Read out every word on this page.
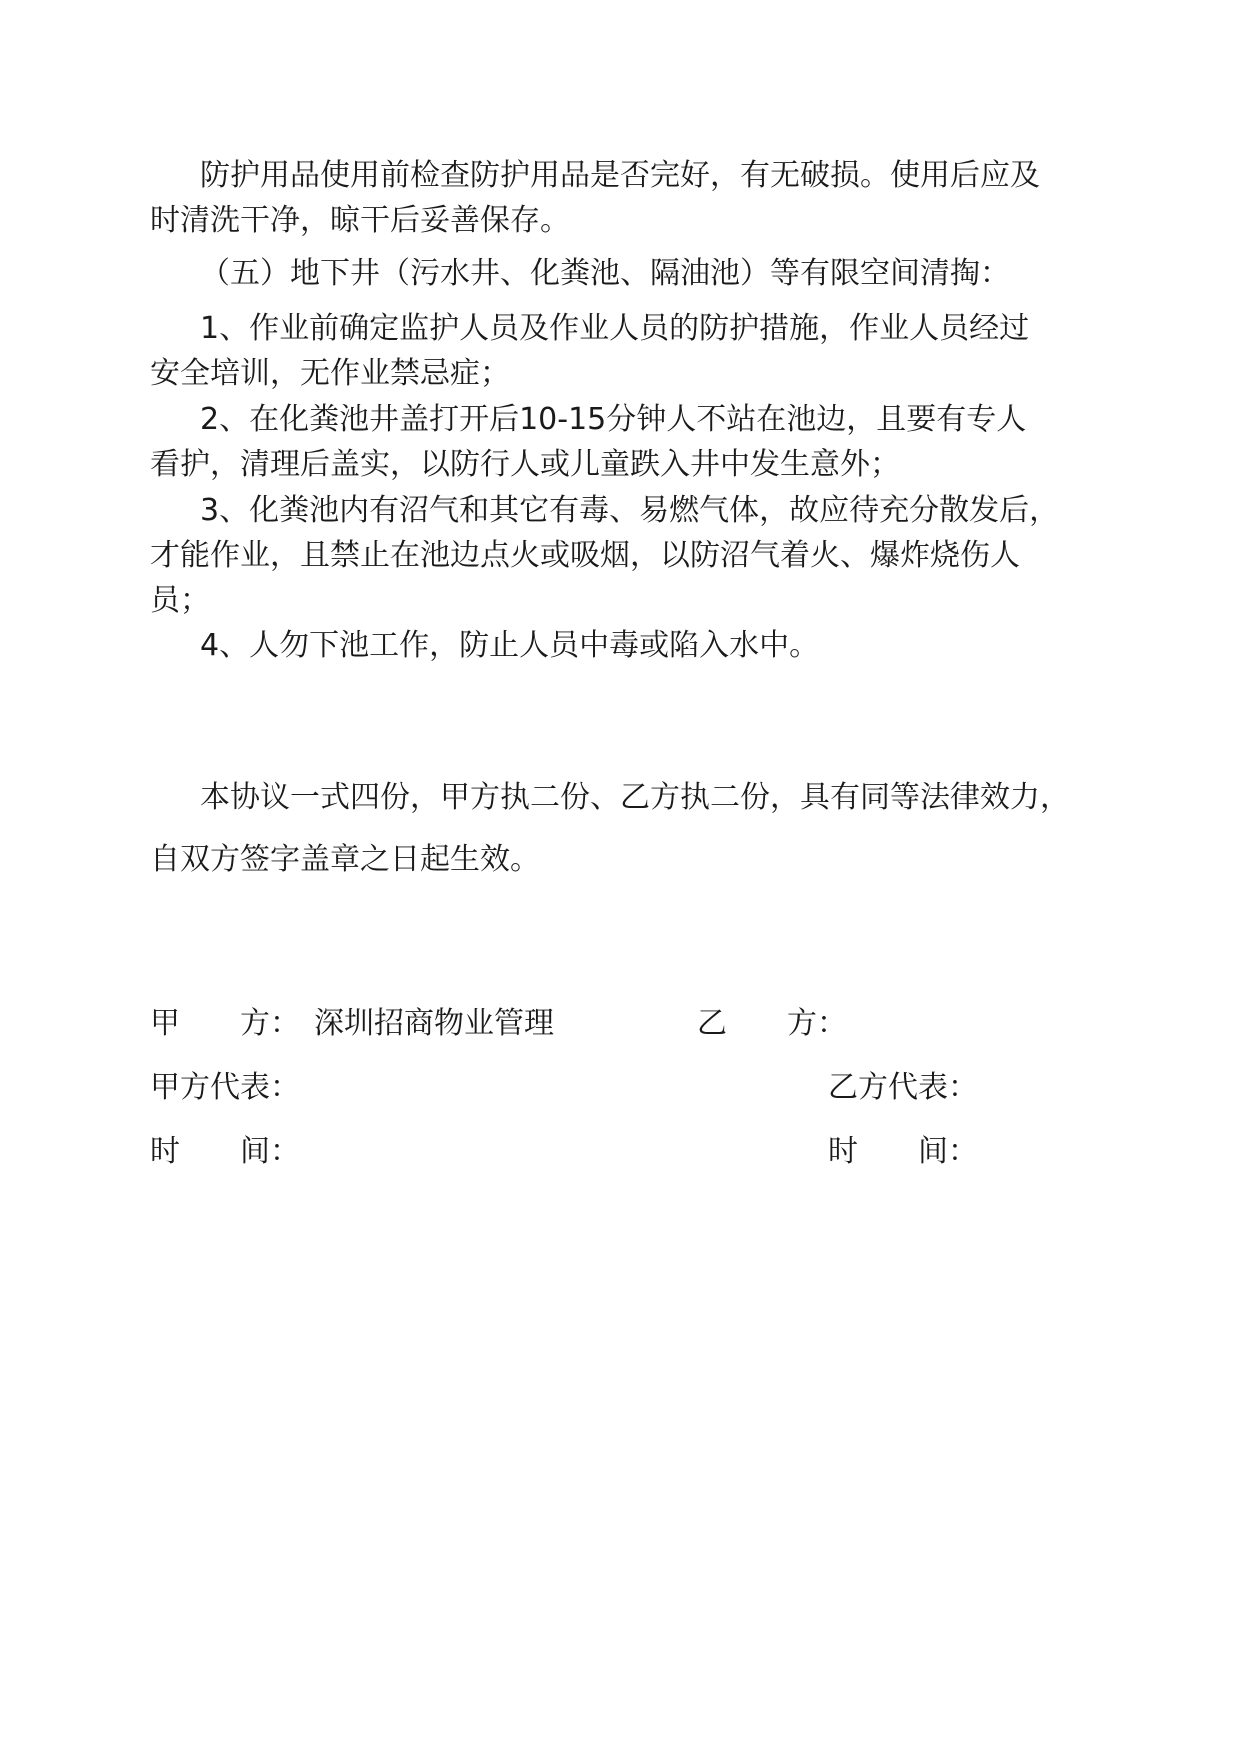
防护用品使用前检查防护用品是否完好，有无破损。使用后应及
时清洗干净，晾干后妥善保存。
（五）地下井（污水井、化粪池、隔油池）等有限空间清掏：
1、作业前确定监护人员及作业人员的防护措施，作业人员经过
安全培训，无作业禁忌症；
2、在化粪池井盖打开后10-15分钟人不站在池边，且要有专人
看护，清理后盖实，以防行人或儿童跌入井中发生意外；
3、化粪池内有沼气和其它有毒、易燃气体，故应待充分散发后，
才能作业，且禁止在池边点火或吸烟，以防沼气着火、爆炸烧伤人
员；
4、人勿下池工作，防止人员中毒或陷入水中。
本协议一式四份，甲方执二份、乙方执二份，具有同等法律效力，
自双方签字盖章之日起生效。
甲　　方： 深圳招商物业管理	乙　　方：
甲方代表：	乙方代表：
时　　间：	时　　间：
